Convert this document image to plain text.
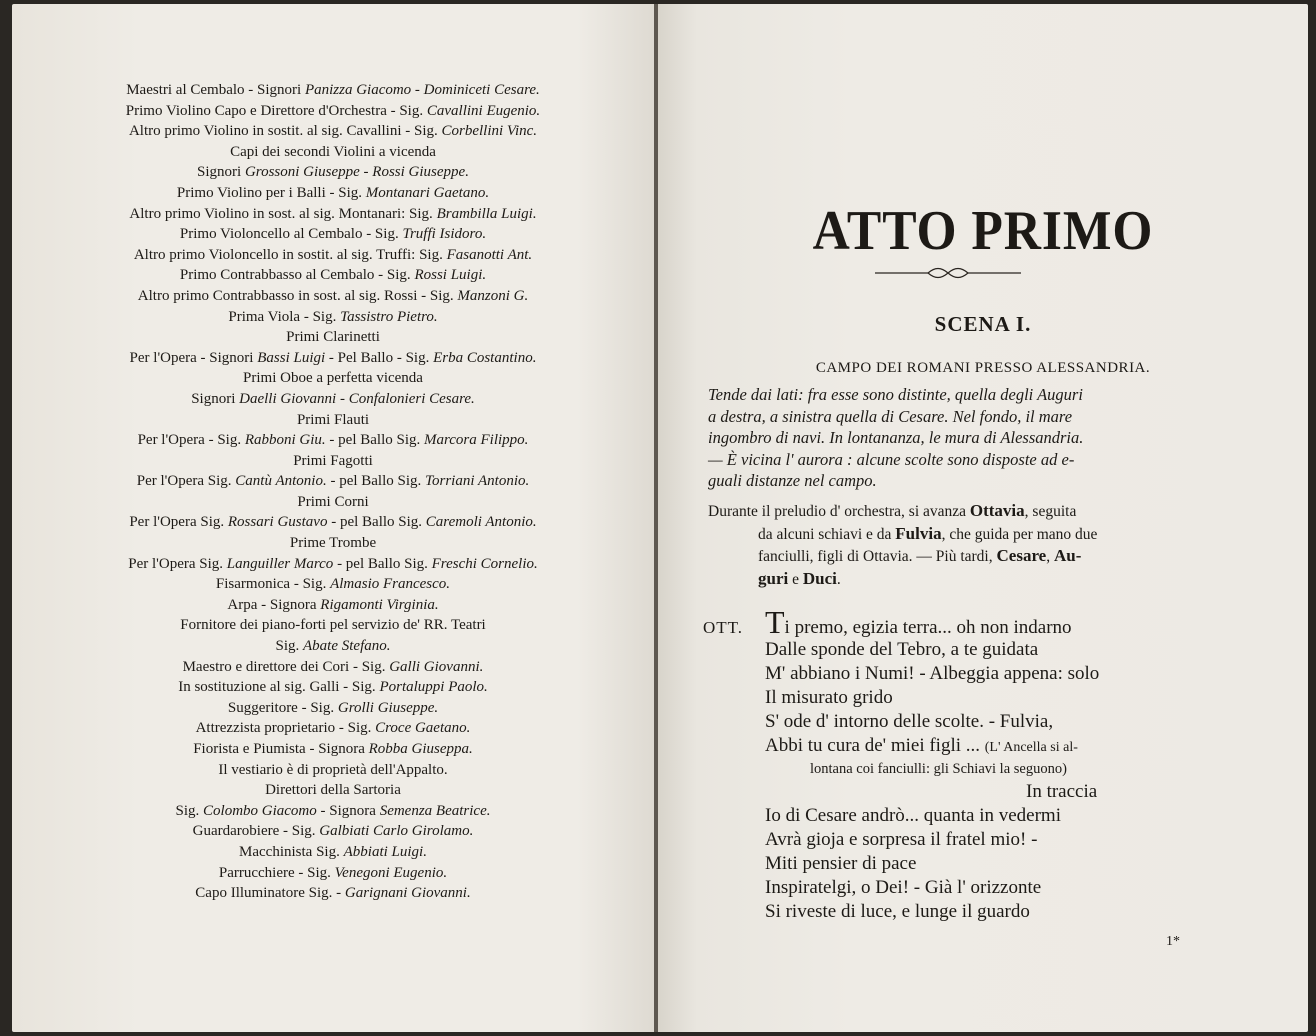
Maestri al Cembalo - Signori Panizza Giacomo - Dominiceti Cesare.
Primo Violino Capo e Direttore d'Orchestra - Sig. Cavallini Eugenio.
Altro primo Violino in sostit. al sig. Cavallini - Sig. Corbellini Vinc.
Capi dei secondi Violini a vicenda
Signori Grossoni Giuseppe - Rossi Giuseppe.
Primo Violino per i Balli - Sig. Montanari Gaetano.
Altro primo Violino in sost. al sig. Montanari: Sig. Brambilla Luigi.
Primo Violoncello al Cembalo - Sig. Truffi Isidoro.
Altro primo Violoncello in sostit. al sig. Truffi: Sig. Fasanotti Ant.
Primo Contrabbasso al Cembalo - Sig. Rossi Luigi.
Altro primo Contrabbasso in sost. al sig. Rossi - Sig. Manzoni G.
Prima Viola - Sig. Tassistro Pietro.
Primi Clarinetti
Per l'Opera - Signori Bassi Luigi - Pel Ballo - Sig. Erba Costantino.
Primi Oboe a perfetta vicenda
Signori Daelli Giovanni - Confalonieri Cesare.
Primi Flauti
Per l'Opera - Sig. Rabboni Giu. - pel Ballo Sig. Marcora Filippo.
Primi Fagotti
Per l'Opera Sig. Cantù Antonio. - pel Ballo Sig. Torriani Antonio.
Primi Corni
Per l'Opera Sig. Rossari Gustavo - pel Ballo Sig. Caremoli Antonio.
Prime Trombe
Per l'Opera Sig. Languiller Marco - pel Ballo Sig. Freschi Cornelio.
Fisarmonica - Sig. Almasio Francesco.
Arpa - Signora Rigamonti Virginia.
Fornitore dei piano-forti pel servizio de' RR. Teatri
Sig. Abate Stefano.
Maestro e direttore dei Cori - Sig. Galli Giovanni.
In sostituzione al sig. Galli - Sig. Portaluppi Paolo.
Suggeritore - Sig. Grolli Giuseppe.
Attrezzista proprietario - Sig. Croce Gaetano.
Fiorista e Piumista - Signora Robba Giuseppa.
Il vestiario è di proprietà dell'Appalto.
Direttori della Sartoria
Sig. Colombo Giacomo - Signora Semenza Beatrice.
Guardarobiere - Sig. Galbiati Carlo Girolamo.
Macchinista Sig. Abbiati Luigi.
Parrucchiere - Sig. Venegoni Eugenio.
Capo Illuminatore Sig. - Garignani Giovanni.
ATTO PRIMO
SCENA I.
CAMPO DEI ROMANI PRESSO ALESSANDRIA.
Tende dai lati: fra esse sono distinte, quella degli Auguri
a destra, a sinistra quella di Cesare. Nel fondo, il mare
ingombro di navi. In lontananza, le mura di Alessandria.
— È vicina l' aurora : alcune scolte sono disposte ad e-
guali distanze nel campo.
Durante il preludio d' orchestra, si avanza Ottavia, seguita
da alcuni schiavi e da Fulvia, che guida per mano due
fanciulli, figli di Ottavia. — Più tardi, Cesare, Au-
guri e Duci.
OTT. Ti premo, egizia terra... oh non indarno
Dalle sponde del Tebro, a te guidata
M' abbiano i Numi! - Albeggia appena: solo
Il misurato grido
S' ode d' intorno delle scolte. - Fulvia,
Abbi tu cura de' miei figli ... (L' Ancella si al-
lontana coi fanciulli: gli Schiavi la seguono)
In traccia
Io di Cesare andrò... quanta in vedermi
Avrà gioja e sorpresa il fratel mio! -
Miti pensier di pace
Inspiratelgi, o Dei! - Già l' orizzonte
Si riveste di luce, e lunge il guardo
1*
